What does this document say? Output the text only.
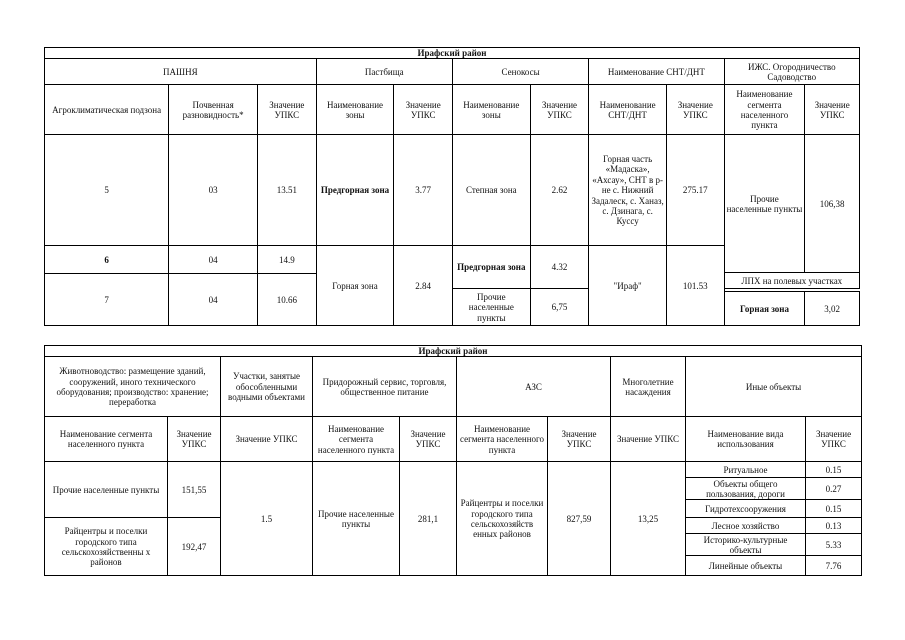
Ирафский район										
ПАШНЯ			Пастбища		Сенокосы		Наименование СНТ/ДНТ		ИЖС. Огородничество Садоводство	
Агроклиматическая подзона	Почвенная разновидность*	Значение УПКС	Наименование зоны	Значение УПКС	Наименование зоны	Значение УПКС	Наименование СНТ/ДНТ	Значение УПКС	Наименование сегмента населенного пункта	Значение УПКС
5	03	13.51	Предгорная зона	3.77	Степная зона	2.62	Горная часть «Мадаска», «Ахсау», СНТ в р-не с. Нижний Задалеск, с. Ханаз, с. Дзинага, с. Куссу	275.17	Прочие населенные пункты	106,38
6	04	14.9	Горная зона	2.84	Предгорная зона	4.32	"Ираф"	101.53		
									ЛПХ на полевых участках	
7	04	10.66								
					Прочие населенные пункты	6,75				
									Горная зона	3,02
Ирафский район									
Животноводство: размещение зданий, сооружений, иного технического оборудования; производство: хранение; переработка		Участки, занятые обособленными водными объектами	Придорожный сервис, торговля, общественное питание		АЗС		Многолетние насаждения	Иные объекты	
Наименование сегмента населенного пункта	Значение УПКС	Значение УПКС	Наименование сегмента населенного пункта	Значение УПКС	Наименование сегмента населенного пункта	Значение УПКС	Значение УПКС	Наименование вида использования	Значение УПКС
Прочие населенные пункты	151,55	1.5	Прочие населенные пункты	281,1	Райцентры и поселки городского типа сельскохозяйств енных районов	827,59	13,25	Ритуальное	0.15
								Объекты общего пользования, дороги	0.27
								Гидротехсооружения	0.15
Райцентры и поселки городского типа сельскохозяйственны х районов	192,47							Лесное хозяйство	0.13
								Историко-культурные объекты	5.33
								Линейные объекты	7.76
